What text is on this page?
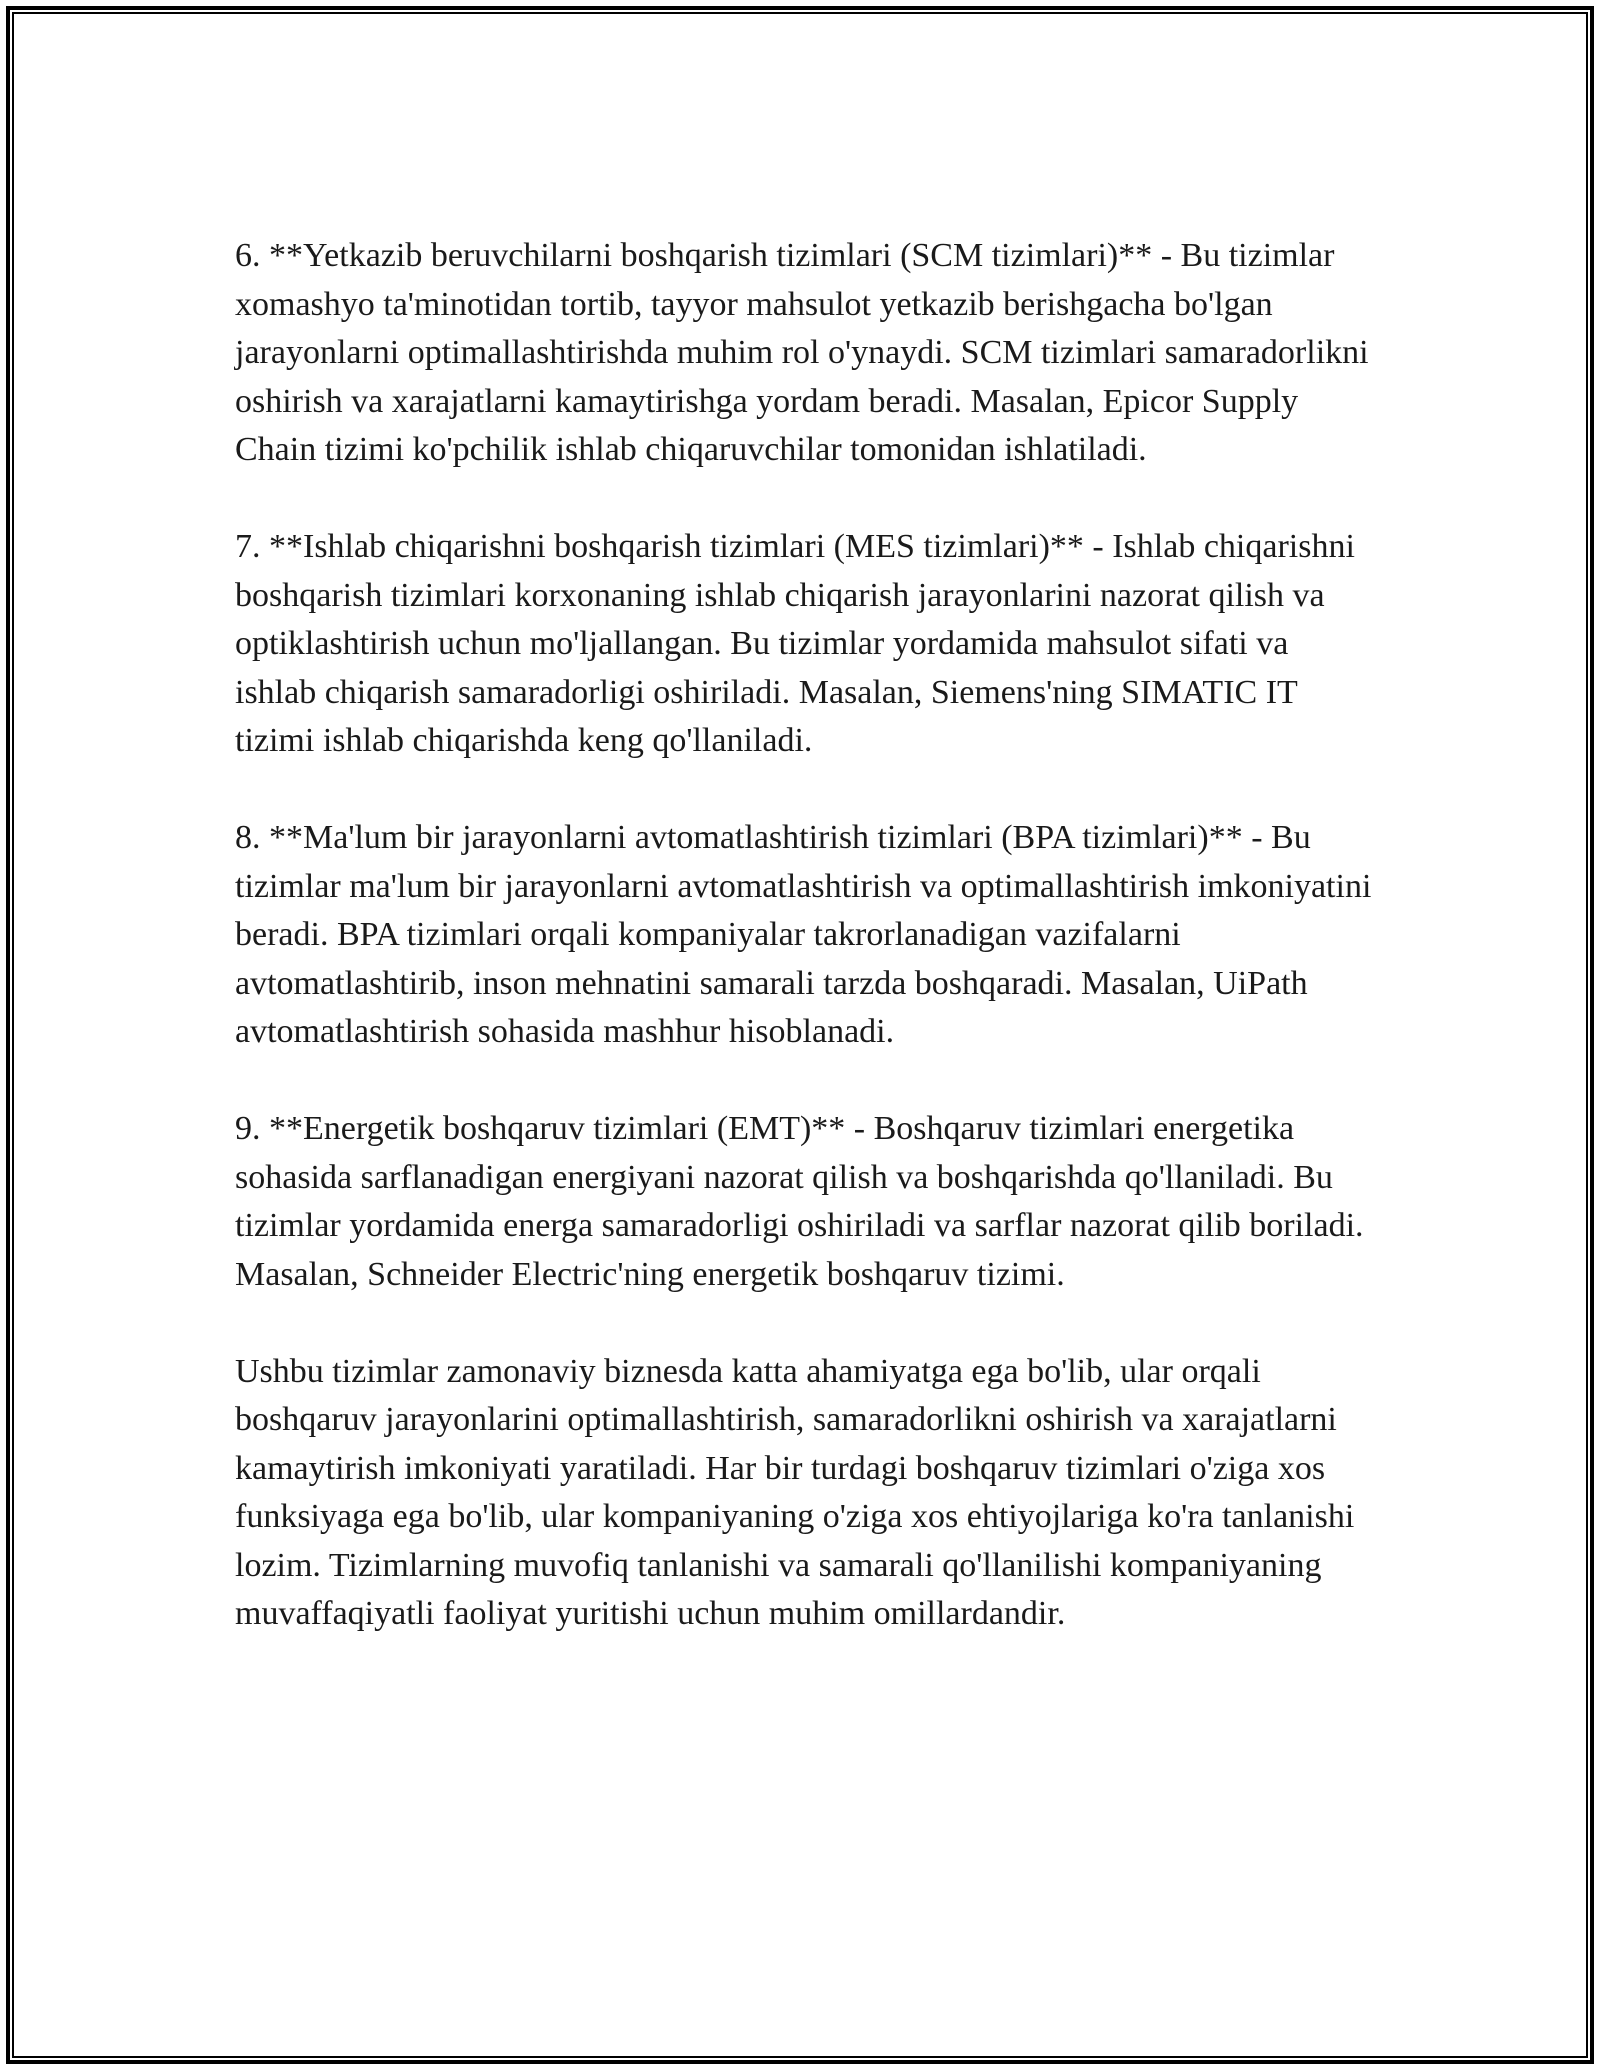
6. **Yetkazib beruvchilarni boshqarish tizimlari (SCM tizimlari)** - Bu tizimlar xomashyo ta'minotidan tortib, tayyor mahsulot yetkazib berishgacha bo'lgan jarayonlarni optimallashtirishda muhim rol o'ynaydi. SCM tizimlari samaradorlikni oshirish va xarajatlarni kamaytirishga yordam beradi. Masalan, Epicor Supply Chain tizimi ko'pchilik ishlab chiqaruvchilar tomonidan ishlatiladi.

7. **Ishlab chiqarishni boshqarish tizimlari (MES tizimlari)** - Ishlab chiqarishni boshqarish tizimlari korxonaning ishlab chiqarish jarayonlarini nazorat qilish va optiklashtirish uchun mo'ljallangan. Bu tizimlar yordamida mahsulot sifati va ishlab chiqarish samaradorligi oshiriladi. Masalan, Siemens'ning SIMATIC IT tizimi ishlab chiqarishda keng qo'llaniladi.

8. **Ma'lum bir jarayonlarni avtomatlashtirish tizimlari (BPA tizimlari)** - Bu tizimlar ma'lum bir jarayonlarni avtomatlashtirish va optimallashtirish imkoniyatini beradi. BPA tizimlari orqali kompaniyalar takrorlanadigan vazifalarni avtomatlashtirib, inson mehnatini samarali tarzda boshqaradi. Masalan, UiPath avtomatlashtirish sohasida mashhur hisoblanadi.

9. **Energetik boshqaruv tizimlari (EMT)** - Boshqaruv tizimlari energetika sohasida sarflanadigan energiyani nazorat qilish va boshqarishda qo'llaniladi. Bu tizimlar yordamida energa samaradorligi oshiriladi va sarflar nazorat qilib boriladi. Masalan, Schneider Electric'ning energetik boshqaruv tizimi.

Ushbu tizimlar zamonaviy biznesda katta ahamiyatga ega bo'lib, ular orqali boshqaruv jarayonlarini optimallashtirish, samaradorlikni oshirish va xarajatlarni kamaytirish imkoniyati yaratiladi. Har bir turdagi boshqaruv tizimlari o'ziga xos funksiyaga ega bo'lib, ular kompaniyaning o'ziga xos ehtiyojlariga ko'ra tanlanishi lozim. Tizimlarning muvofiq tanlanishi va samarali qo'llanilishi kompaniyaning muvaffaqiyatli faoliyat yuritishi uchun muhim omillardandir.
